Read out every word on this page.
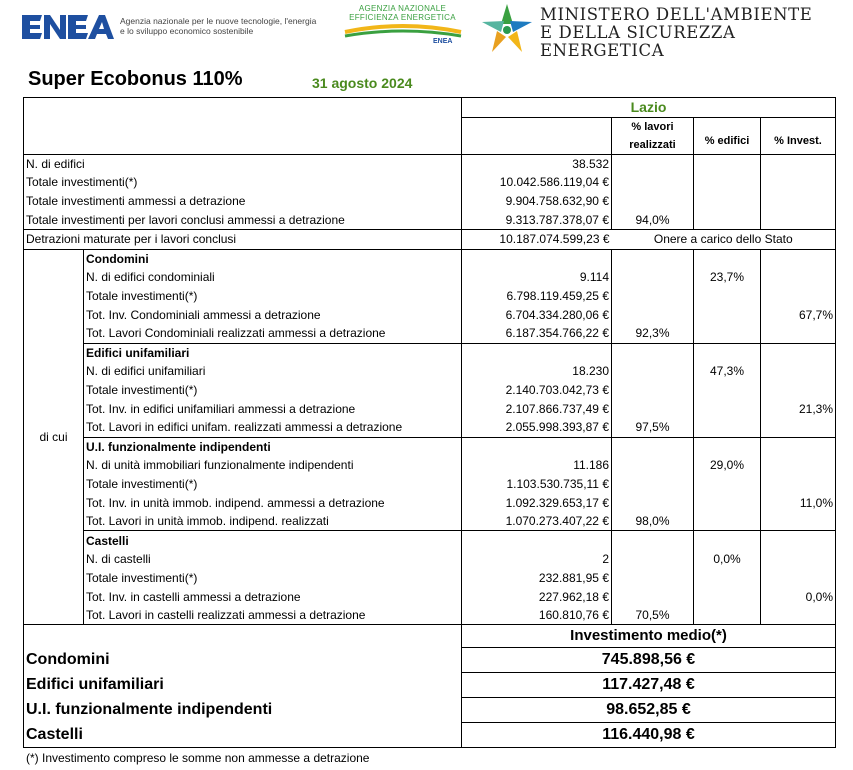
Agenzia nazionale per le nuove tecnologie, l'energia
e lo sviluppo economico sostenibile
AGENZIA NAZIONALE
EFFICIENZA ENERGETICA
ENEA
MINISTERO DELL'AMBIENTE
E DELLA SICUREZZA ENERGETICA
Super Ecobonus 110%	31 agosto 2024
		Lazio			

			% lavori
realizzati	% edifici	% Invest.
N. di edifici		38.532			
Totale investimenti(*)		10.042.586.119,04 €			
Totale investimenti ammessi a detrazione		9.904.758.632,90 €			
Totale investimenti per lavori conclusi ammessi a detrazione		9.313.787.378,07 €	94,0%		
Detrazioni maturate per i lavori conclusi		10.187.074.599,23 €	Onere a carico dello Stato		
di cui	Condomini				
	N. di edifici condominiali	9.114		23,7%	
	Totale investimenti(*)	6.798.119.459,25 €			
	Tot. Inv. Condominiali ammessi a detrazione	6.704.334.280,06 €			67,7%
	Tot. Lavori Condominiali realizzati ammessi a detrazione	6.187.354.766,22 €	92,3%		
	Edifici unifamiliari				
	N. di edifici unifamiliari	18.230		47,3%	
	Totale investimenti(*)	2.140.703.042,73 €			
	Tot. Inv. in edifici unifamiliari ammessi a detrazione	2.107.866.737,49 €			21,3%
	Tot. Lavori in edifici unifam. realizzati ammessi a detrazione	2.055.998.393,87 €	97,5%		
	U.I. funzionalmente indipendenti				
	N. di unità immobiliari funzionalmente indipendenti	11.186		29,0%	
	Totale investimenti(*)	1.103.530.735,11 €			
	Tot. Inv. in unità immob. indipend. ammessi a detrazione	1.092.329.653,17 €			11,0%
	Tot. Lavori in unità immob. indipend. realizzati	1.070.273.407,22 €	98,0%		
	Castelli				
	N. di castelli	2		0,0%	
	Totale investimenti(*)	232.881,95 €			
	Tot. Inv. in castelli ammessi a detrazione	227.962,18 €			0,0%
	Tot. Lavori in castelli realizzati ammessi a detrazione	160.810,76 €	70,5%		
		Investimento medio(*)			
Condomini		745.898,56 €			
Edifici unifamiliari		117.427,48 €			
U.I. funzionalmente indipendenti		98.652,85 €			
Castelli		116.440,98 €			
(*) Investimento compreso le somme non ammesse a detrazione
